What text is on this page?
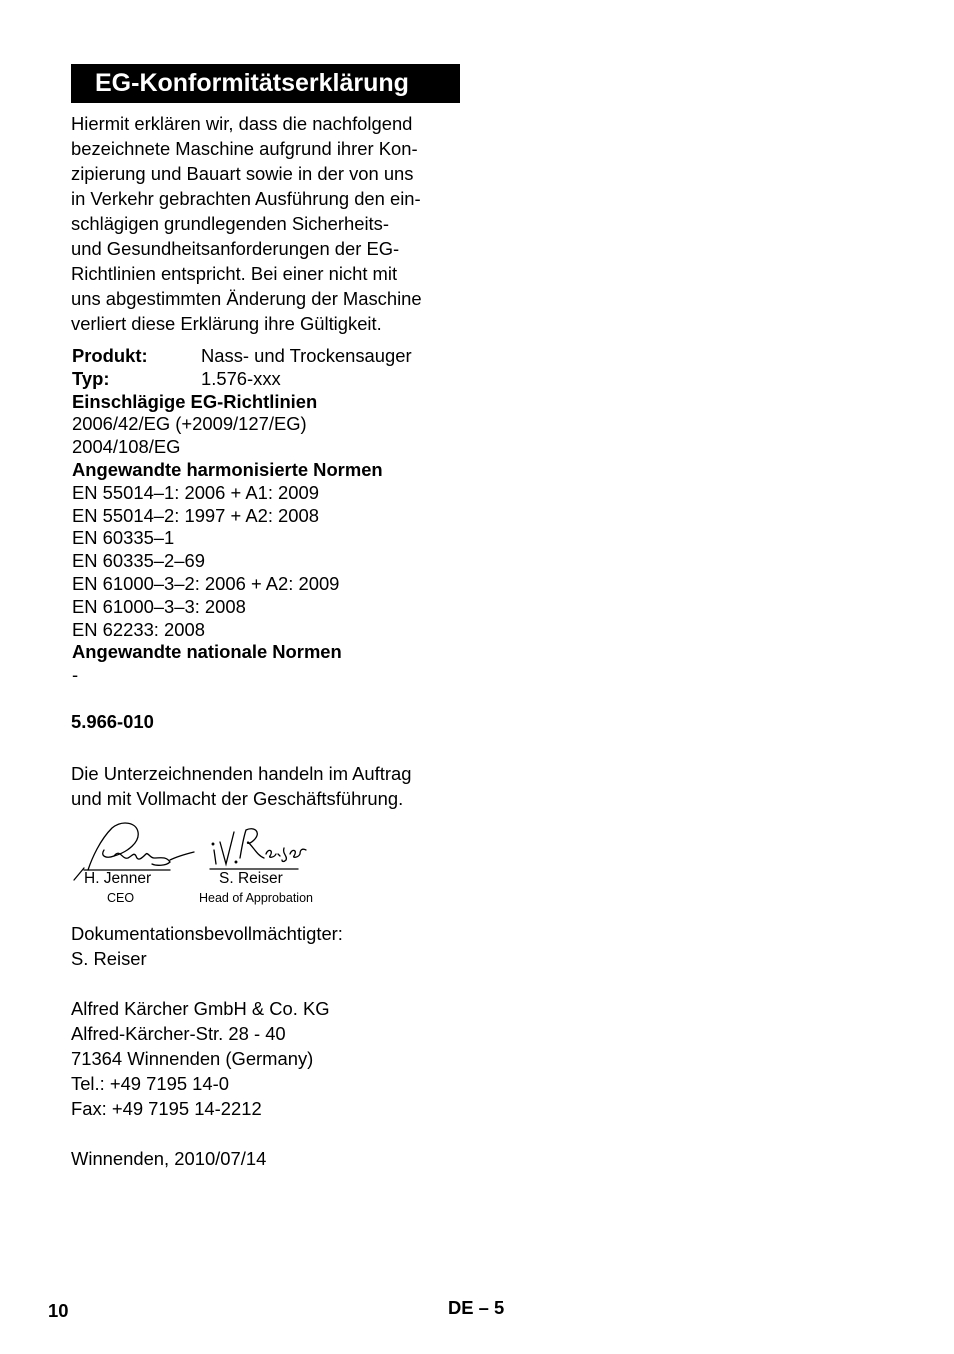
EG-Konformitätserklärung
Hiermit erklären wir, dass die nachfolgend
bezeichnete Maschine aufgrund ihrer Kon-
zipierung und Bauart sowie in der von uns
in Verkehr gebrachten Ausführung den ein-
schlägigen grundlegenden Sicherheits-
und Gesundheitsanforderungen der EG-
Richtlinien entspricht. Bei einer nicht mit
uns abgestimmten Änderung der Maschine
verliert diese Erklärung ihre Gültigkeit.
Produkt:	Nass- und Trockensauger
Typ:	1.576-xxx
Einschlägige EG-Richtlinien
2006/42/EG (+2009/127/EG)
2004/108/EG
Angewandte harmonisierte Normen
EN 55014–1: 2006 + A1: 2009
EN 55014–2: 1997 + A2: 2008
EN 60335–1
EN 60335–2–69
EN 61000–3–2: 2006 + A2: 2009
EN 61000–3–3: 2008
EN 62233: 2008
Angewandte nationale Normen
-
5.966-010
Die Unterzeichnenden handeln im Auftrag
und mit Vollmacht der Geschäftsführung.
H. Jenner
CEO
S. Reiser
Head of Approbation
Dokumentationsbevollmächtigter:
S. Reiser
Alfred Kärcher GmbH & Co. KG
Alfred-Kärcher-Str. 28 - 40
71364 Winnenden (Germany)
Tel.: +49 7195 14-0
Fax: +49 7195 14-2212
Winnenden, 2010/07/14
10	DE – 5
